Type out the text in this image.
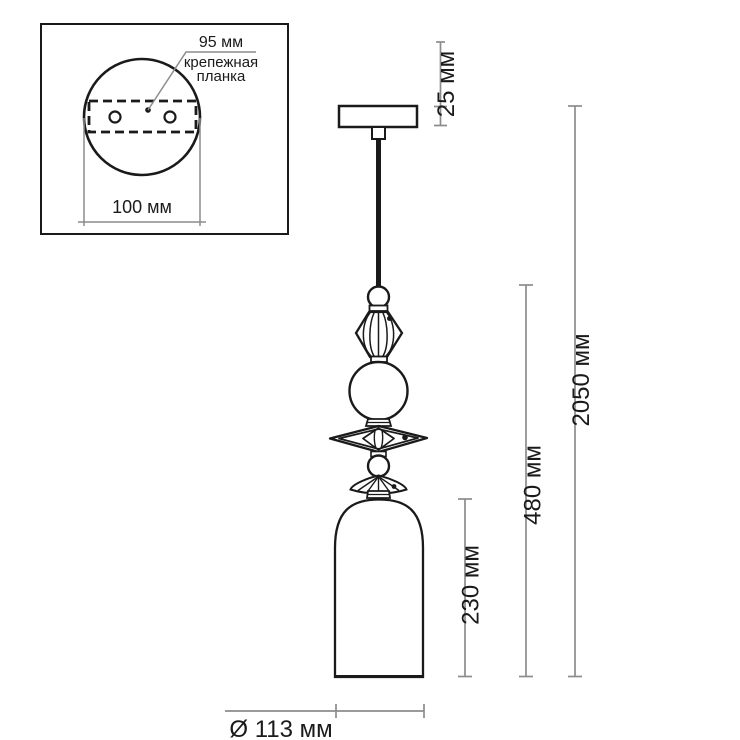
95 мм
крепежная
планка
100 мм
25 мм
2050 мм
480 мм
230 мм
Ø 113 мм
